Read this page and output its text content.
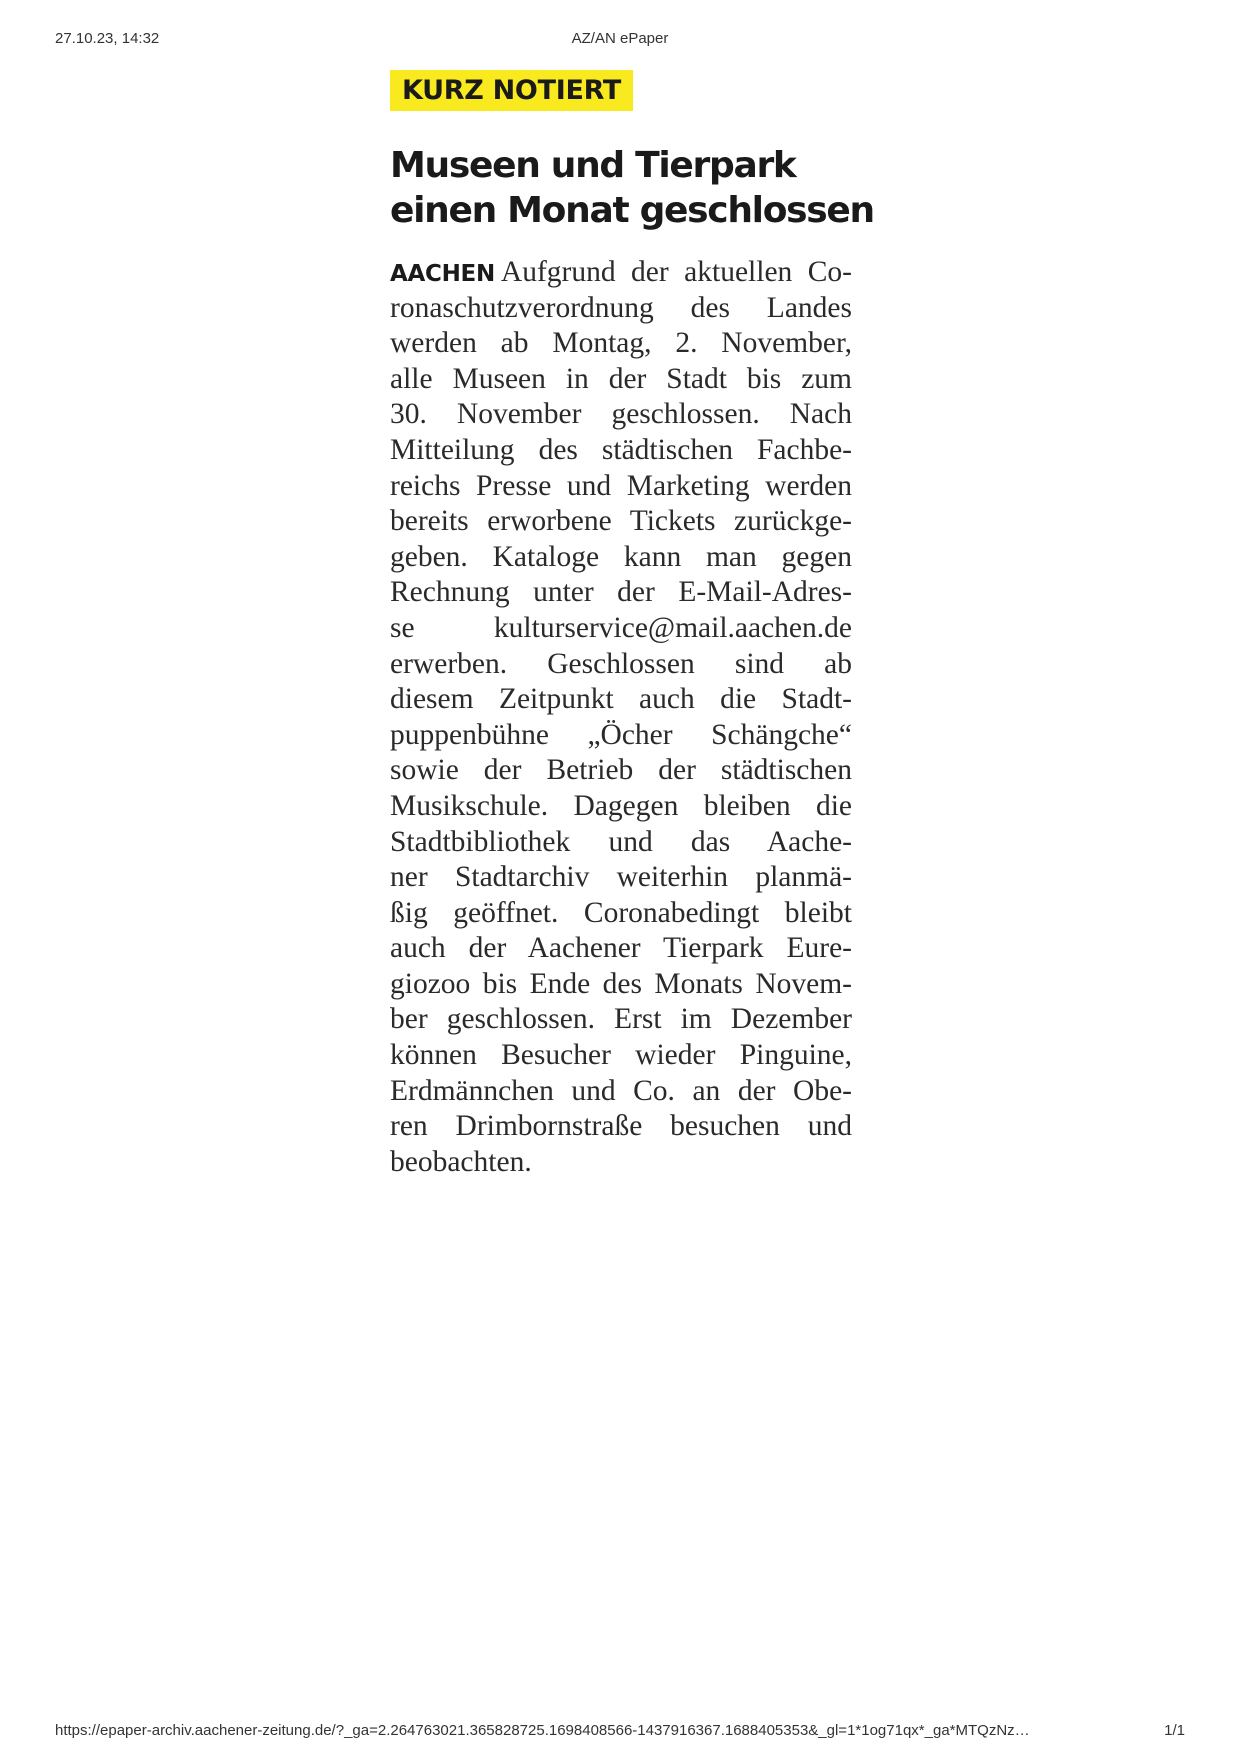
27.10.23, 14:32	AZ/AN ePaper
KURZ NOTIERT
Museen und Tierpark
einen Monat geschlossen
AACHEN Aufgrund der aktuellen Co-
ronaschutzverordnung des Landes
werden ab Montag, 2. November,
alle Museen in der Stadt bis zum
30. November geschlossen. Nach
Mitteilung des städtischen Fachbe-
reichs Presse und Marketing werden
bereits erworbene Tickets zurückge-
geben. Kataloge kann man gegen
Rechnung unter der E-Mail-Adres-
se kulturservice@mail.aachen.de
erwerben. Geschlossen sind ab
diesem Zeitpunkt auch die Stadt-
puppenbühne „Öcher Schängche“
sowie der Betrieb der städtischen
Musikschule. Dagegen bleiben die
Stadtbibliothek und das Aache-
ner Stadtarchiv weiterhin planmä-
ßig geöffnet. Coronabedingt bleibt
auch der Aachener Tierpark Eure-
giozoo bis Ende des Monats Novem-
ber geschlossen. Erst im Dezember
können Besucher wieder Pinguine,
Erdmännchen und Co. an der Obe-
ren Drimbornstraße besuchen und
beobachten.
https://epaper-archiv.aachener-zeitung.de/?_ga=2.264763021.365828725.1698408566-1437916367.1688405353&_gl=1*1og71qx*_ga*MTQzNz…	1/1
